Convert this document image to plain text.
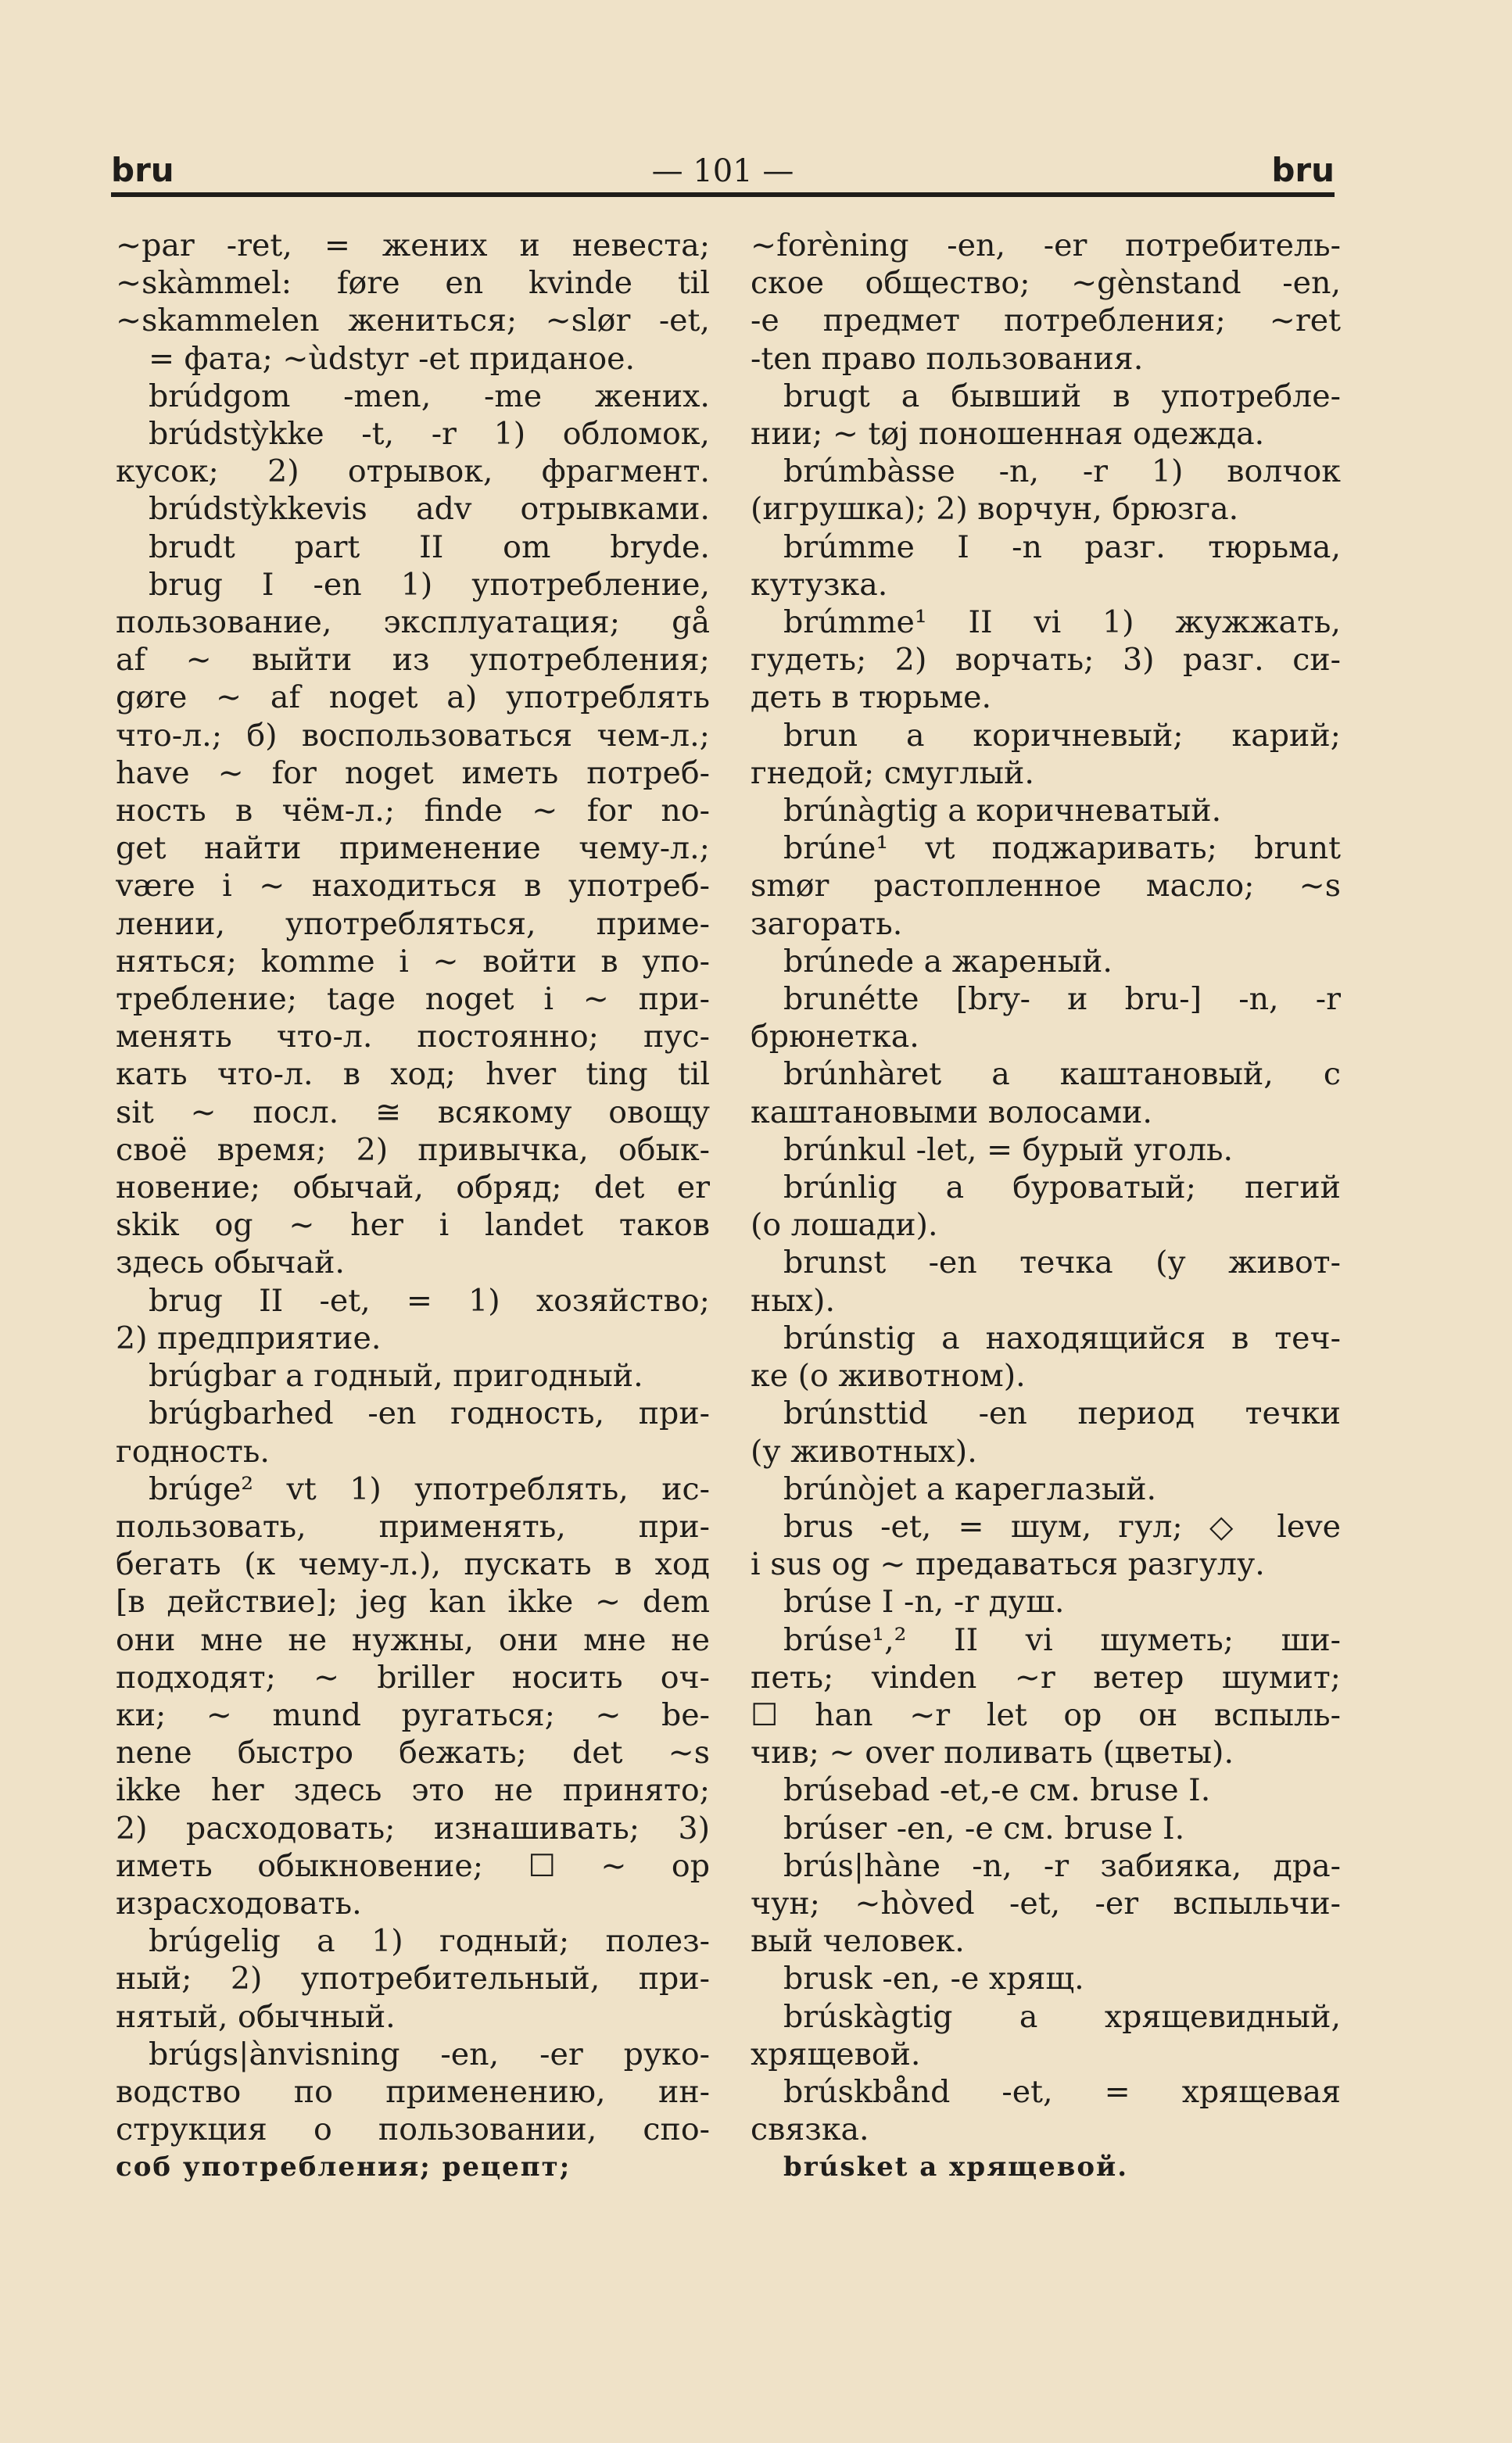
bru	— 101 —	bru
~par -ret, = жених и невеста;
~skàmmel: føre en kvinde til
~skammelen жениться; ~slør -et,
= фата; ~ùdstyr -et приданое.
brúdgom -men, -me жених.
brúdstỳkke -t, -r 1) обломок,
кусок; 2) отрывок, фрагмент.
brúdstỳkkevis adv отрывками.
brudt part II om bryde.
brug I -en 1) употребление,
пользование, эксплуатация; gå
af ~ выйти из употребления;
gøre ~ af noget a) употреблять
что-л.; б) воспользоваться чем-л.;
have ~ for noget иметь потреб-
ность в чём-л.; finde ~ for no-
get найти применение чему-л.;
være i ~ находиться в употреб-
лении, употребляться, приме-
няться; komme i ~ войти в упо-
требление; tage noget i ~ при-
менять что-л. постоянно; пус-
кать что-л. в ход; hver ting til
sit ~ посл. ≅ всякому овощу
своё время; 2) привычка, обык-
новение; обычай, обряд; det er
skik og ~ her i landet таков
здесь обычай.
brug II -et, = 1) хозяйство;
2) предприятие.
brúgbar a годный, пригодный.
brúgbarhed -en годность, при-
годность.
brúge² vt 1) употреблять, ис-
пользовать, применять, при-
бегать (к чему-л.), пускать в ход
[в действие]; jeg kan ikke ~ dem
они мне не нужны, они мне не
подходят; ~ briller носить оч-
ки; ~ mund ругаться; ~ be-
nene быстро бежать; det ~s
ikke her здесь это не принято;
2) расходовать; изнашивать; 3)
иметь обыкновение; ☐ ~ op
израсходовать.
brúgelig a 1) годный; полез-
ный; 2) употребительный, при-
нятый, обычный.
brúgs|ànvisning -en, -er руко-
водство по применению, ин-
струкция о пользовании, спо-
соб употребления; рецепт;
~forèning -en, -er потребитель-
ское общество; ~gènstand -en,
-e предмет потребления; ~ret
-ten право пользования.
brugt a бывший в употребле-
нии; ~ tøj поношенная одежда.
brúmbàsse -n, -r 1) волчок
(игрушка); 2) ворчун, брюзга.
brúmme I -n разг. тюрьма,
кутузка.
brúmme¹ II vi 1) жужжать,
гудеть; 2) ворчать; 3) разг. си-
деть в тюрьме.
brun a коричневый; карий;
гнедой; смуглый.
brúnàgtig a коричневатый.
brúne¹ vt поджаривать; brunt
smør растопленное масло; ~s
загорать.
brúnede a жареный.
brunétte [bry- и bru-] -n, -r
брюнетка.
brúnhàret a каштановый, с
каштановыми волосами.
brúnkul -let, = бурый уголь.
brúnlig a буроватый; пегий
(о лошади).
brunst -en течка (у живот-
ных).
brúnstig a находящийся в теч-
ке (о животном).
brúnsttid -en период течки
(у животных).
brúnòjet a кареглазый.
brus -et, = шум, гул; ◇ leve
i sus og ~ предаваться разгулу.
brúse I -n, -r душ.
brúse¹,² II vi шуметь; ши-
петь; vinden ~r ветер шумит;
☐ han ~r let op он вспыль-
чив; ~ over поливать (цветы).
brúsebad -et,-e см. bruse I.
brúser -en, -e см. bruse I.
brús|hàne -n, -r забияка, дра-
чун; ~hòved -et, -er вспыльчи-
вый человек.
brusk -en, -e хрящ.
brúskàgtig a хрящевидный,
хрящевой.
brúskbånd -et, = хрящевая
связка.
brúsket a хрящевой.
